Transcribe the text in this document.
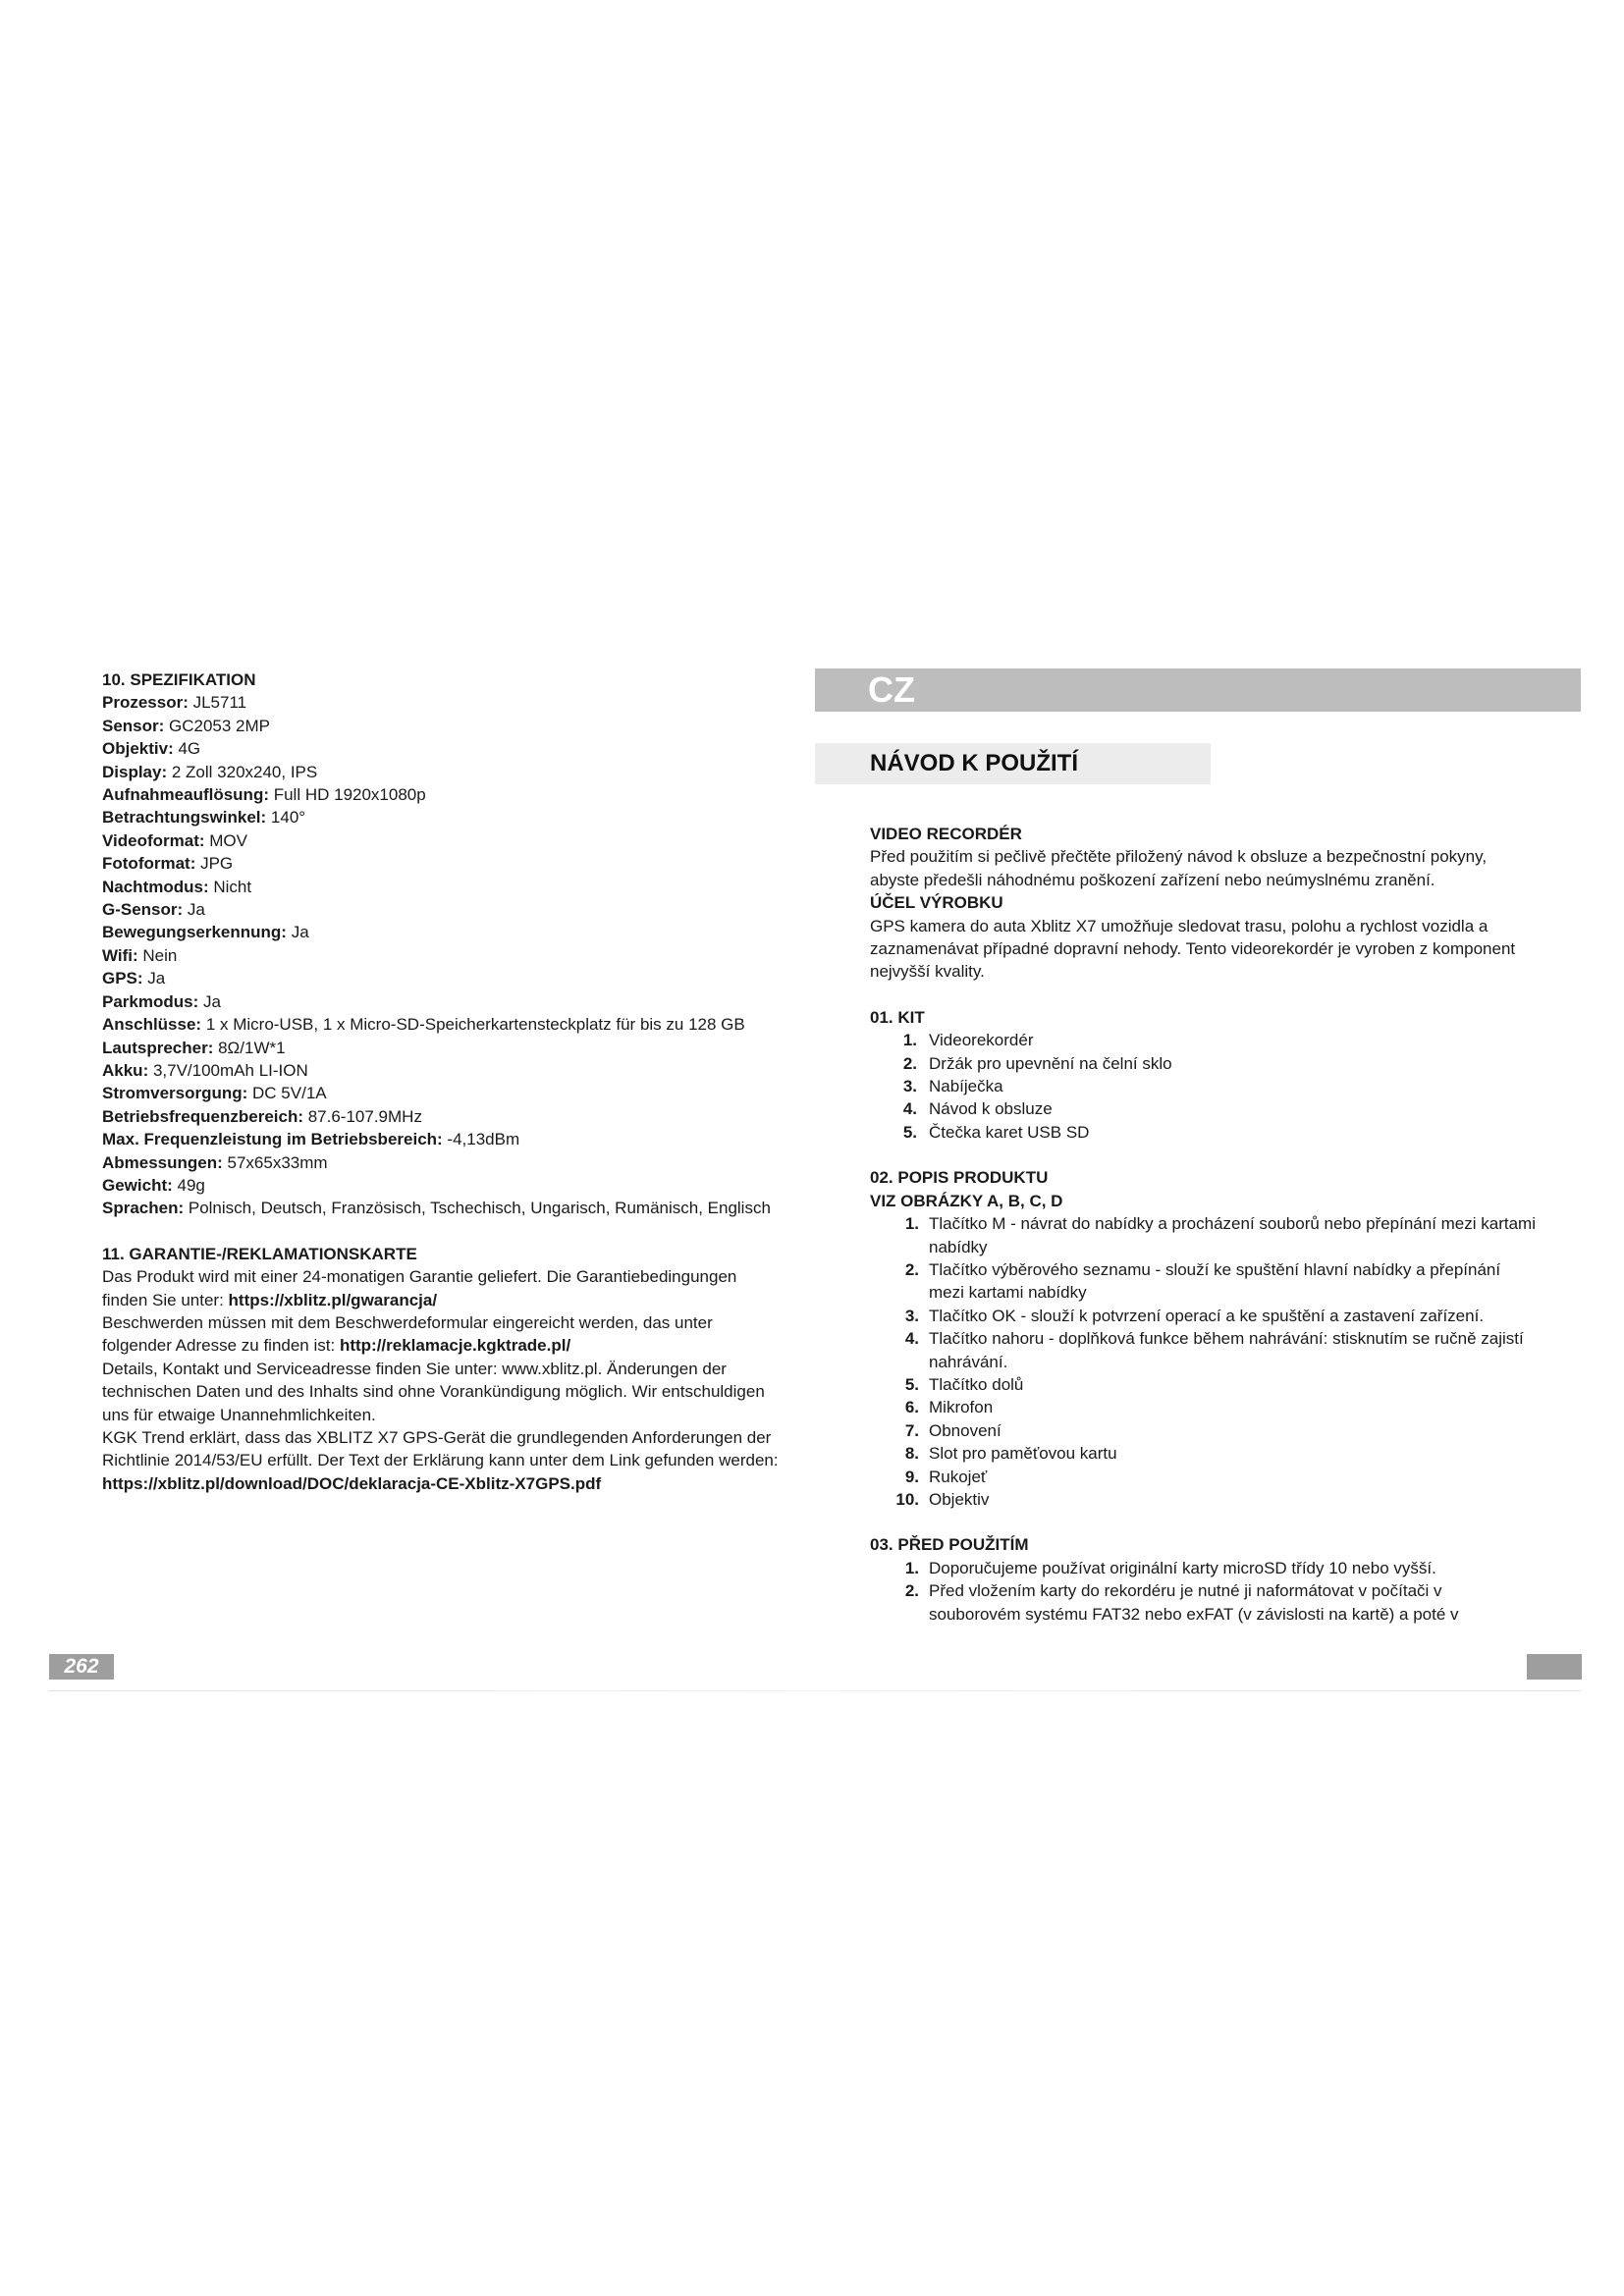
10. SPEZIFIKATION
Prozessor: JL5711
Sensor: GC2053 2MP
Objektiv: 4G
Display: 2 Zoll 320x240, IPS
Aufnahmeauflösung: Full HD 1920x1080p
Betrachtungswinkel: 140°
Videoformat: MOV
Fotoformat: JPG
Nachtmodus: Nicht
G-Sensor: Ja
Bewegungserkennung: Ja
Wifi: Nein
GPS: Ja
Parkmodus: Ja
Anschlüsse: 1 x Micro-USB, 1 x Micro-SD-Speicherkartensteckplatz für bis zu 128 GB
Lautsprecher: 8Ω/1W*1
Akku: 3,7V/100mAh LI-ION
Stromversorgung: DC 5V/1A
Betriebsfrequenzbereich: 87.6-107.9MHz
Max. Frequenzleistung im Betriebsbereich: -4,13dBm
Abmessungen: 57x65x33mm
Gewicht: 49g
Sprachen: Polnisch, Deutsch, Französisch, Tschechisch, Ungarisch, Rumänisch, Englisch
11. GARANTIE-/REKLAMATIONSKARTE

Das Produkt wird mit einer 24-monatigen Garantie geliefert. Die Garantiebedingungen finden Sie unter: https://xblitz.pl/gwarancja/

Beschwerden müssen mit dem Beschwerdeformular eingereicht werden, das unter folgender Adresse zu finden ist: http://reklamacje.kgktrade.pl/

Details, Kontakt und Serviceadresse finden Sie unter: www.xblitz.pl. Änderungen der technischen Daten und des Inhalts sind ohne Vorankündigung möglich. Wir entschuldigen uns für etwaige Unannehmlichkeiten.

KGK Trend erklärt, dass das XBLITZ X7 GPS-Gerät die grundlegenden Anforderungen der Richtlinie 2014/53/EU erfüllt. Der Text der Erklärung kann unter dem Link gefunden werden:

https://xblitz.pl/download/DOC/deklaracja-CE-Xblitz-X7GPS.pdf

CZ
NÁVOD K POUŽITÍ
VIDEO RECORDÉR
Před použitím si pečlivě přečtěte přiložený návod k obsluze a bezpečnostní pokyny, abyste předešli náhodnému poškození zařízení nebo neúmyslnému zranění.
ÚČEL VÝROBKU
GPS kamera do auta Xblitz X7 umožňuje sledovat trasu, polohu a rychlost vozidla a zaznamenávat případné dopravní nehody. Tento videorekordér je vyroben z komponent nejvyšší kvality.
01. KIT
1. Videorekordér
2. Držák pro upevnění na čelní sklo
3. Nabíječka
4. Návod k obsluze
5. Čtečka karet USB SD
02. POPIS PRODUKTU
VIZ OBRÁZKY A, B, C, D
1. Tlačítko M - návrat do nabídky a procházení souborů nebo přepínání mezi kartami nabídky
2. Tlačítko výběrového seznamu - slouží ke spuštění hlavní nabídky a přepínání mezi kartami nabídky
3. Tlačítko OK - slouží k potvrzení operací a ke spuštění a zastavení zařízení.
4. Tlačítko nahoru - doplňková funkce během nahrávání: stisknutím se ručně zajistí nahrávání.
5. Tlačítko dolů
6. Mikrofon
7. Obnovení
8. Slot pro paměťovou kartu
9. Rukojeť
10. Objektiv
03. PŘED POUŽITÍM
1. Doporučujeme používat originální karty microSD třídy 10 nebo vyšší.
2. Před vložením karty do rekordéru je nutné ji naformátovat v počítači v souborovém systému FAT32 nebo exFAT (v závislosti na kartě) a poté v
262
